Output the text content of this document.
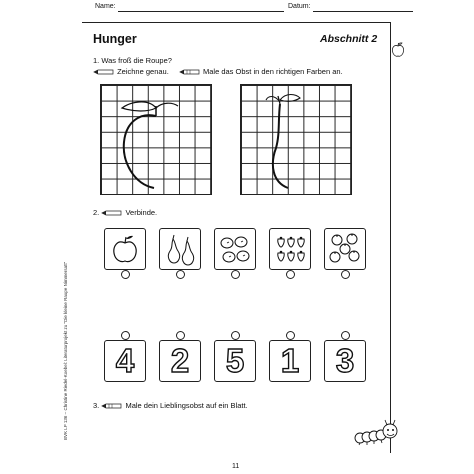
Name:	Datum:
Hunger	Abschnitt 2
1. Was froß die Roupe?
Zeichne genau.	Male das Obst in den richtigen Farben an.
2.	Verbinde.
4	2	5	1	3
3.	Male dein Lieblingsobst auf ein Blatt.
BVK LP 136 – Christine Riedel-Koebel: Literaturprojekt zu "Die kleine Raupe Nimmersatt"
11
